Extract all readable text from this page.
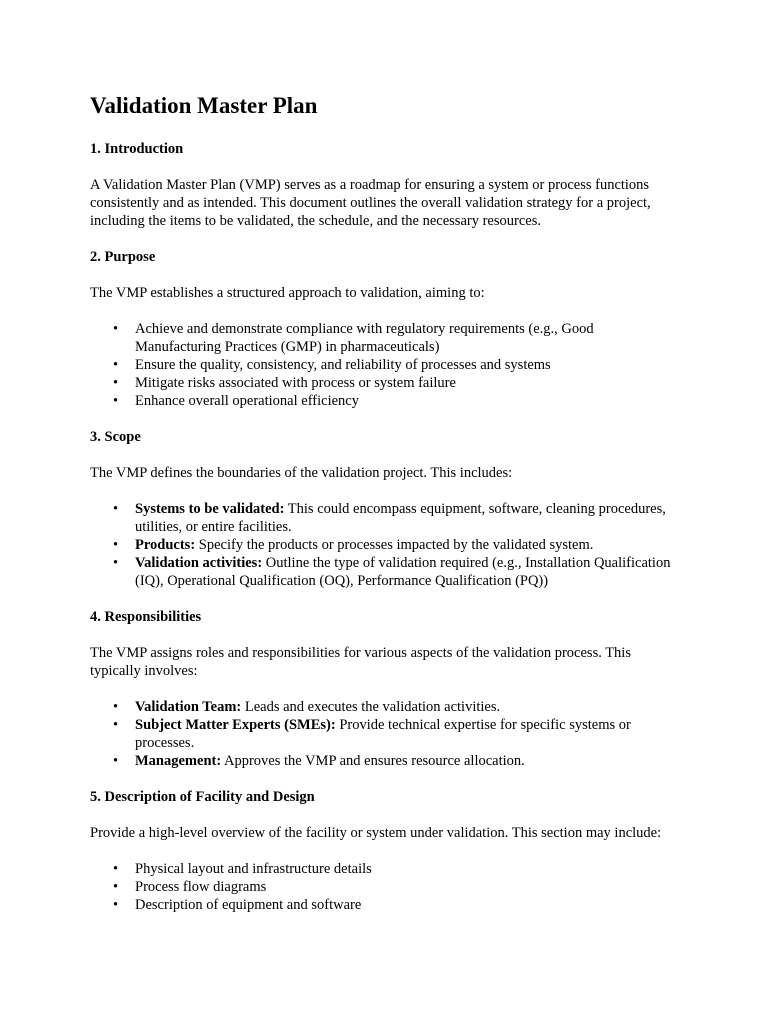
Validation Master Plan
1. Introduction

A Validation Master Plan (VMP) serves as a roadmap for ensuring a system or process functions consistently and as intended. This document outlines the overall validation strategy for a project, including the items to be validated, the schedule, and the necessary resources.

2. Purpose

The VMP establishes a structured approach to validation, aiming to:

• Achieve and demonstrate compliance with regulatory requirements (e.g., Good Manufacturing Practices (GMP) in pharmaceuticals)
• Ensure the quality, consistency, and reliability of processes and systems
• Mitigate risks associated with process or system failure
• Enhance overall operational efficiency
3. Scope

The VMP defines the boundaries of the validation project. This includes:

• Systems to be validated: This could encompass equipment, software, cleaning procedures, utilities, or entire facilities.
• Products: Specify the products or processes impacted by the validated system.
• Validation activities: Outline the type of validation required (e.g., Installation Qualification (IQ), Operational Qualification (OQ), Performance Qualification (PQ))
4. Responsibilities

The VMP assigns roles and responsibilities for various aspects of the validation process. This typically involves:

• Validation Team: Leads and executes the validation activities.
• Subject Matter Experts (SMEs): Provide technical expertise for specific systems or processes.
• Management: Approves the VMP and ensures resource allocation.
5. Description of Facility and Design

Provide a high-level overview of the facility or system under validation. This section may include:

• Physical layout and infrastructure details
• Process flow diagrams
• Description of equipment and software
